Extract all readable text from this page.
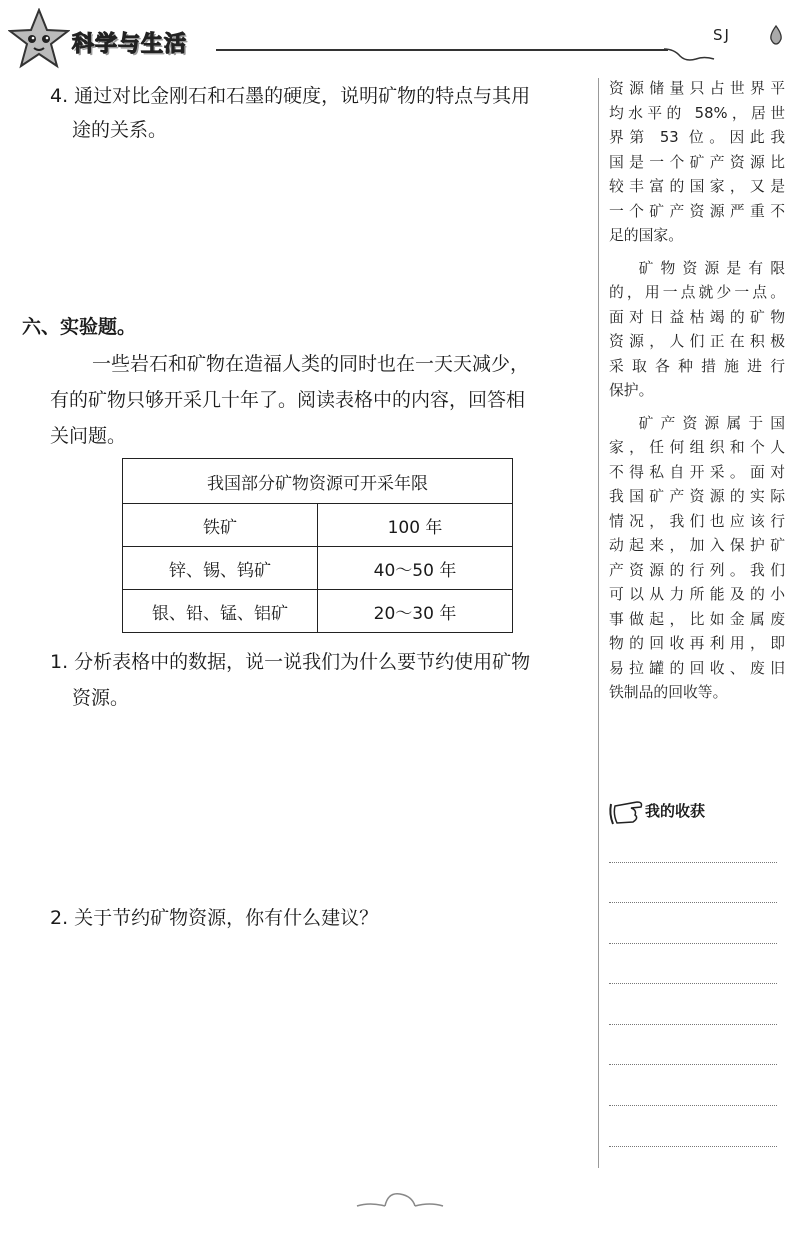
科学与生活	SJ
4. 通过对比金刚石和石墨的硬度，说明矿物的特点与其用
途的关系。
六、实验题。
一些岩石和矿物在造福人类的同时也在一天天减少，
有的矿物只够开采几十年了。阅读表格中的内容，回答相
关问题。
我国部分矿物资源可开采年限	
铁矿	100 年
锌、锡、钨矿	40～50 年
银、铅、锰、铝矿	20～30 年
1. 分析表格中的数据，说一说我们为什么要节约使用矿物
资源。
2. 关于节约矿物资源，你有什么建议？

资源储量只占世界平

均水平的 58%，居世

界第 53 位。因此我

国是一个矿产资源比

较丰富的国家，又是

一个矿产资源严重不

足的国家。

矿物资源是有限

的，用一点就少一点。

面对日益枯竭的矿物

资源，人们正在积极

采取各种措施进行

保护。

矿产资源属于国

家，任何组织和个人

不得私自开采。面对

我国矿产资源的实际

情况，我们也应该行

动起来，加入保护矿

产资源的行列。我们

可以从力所能及的小

事做起，比如金属废

物的回收再利用，即

易拉罐的回收、废旧

铁制品的回收等。

我的收获
